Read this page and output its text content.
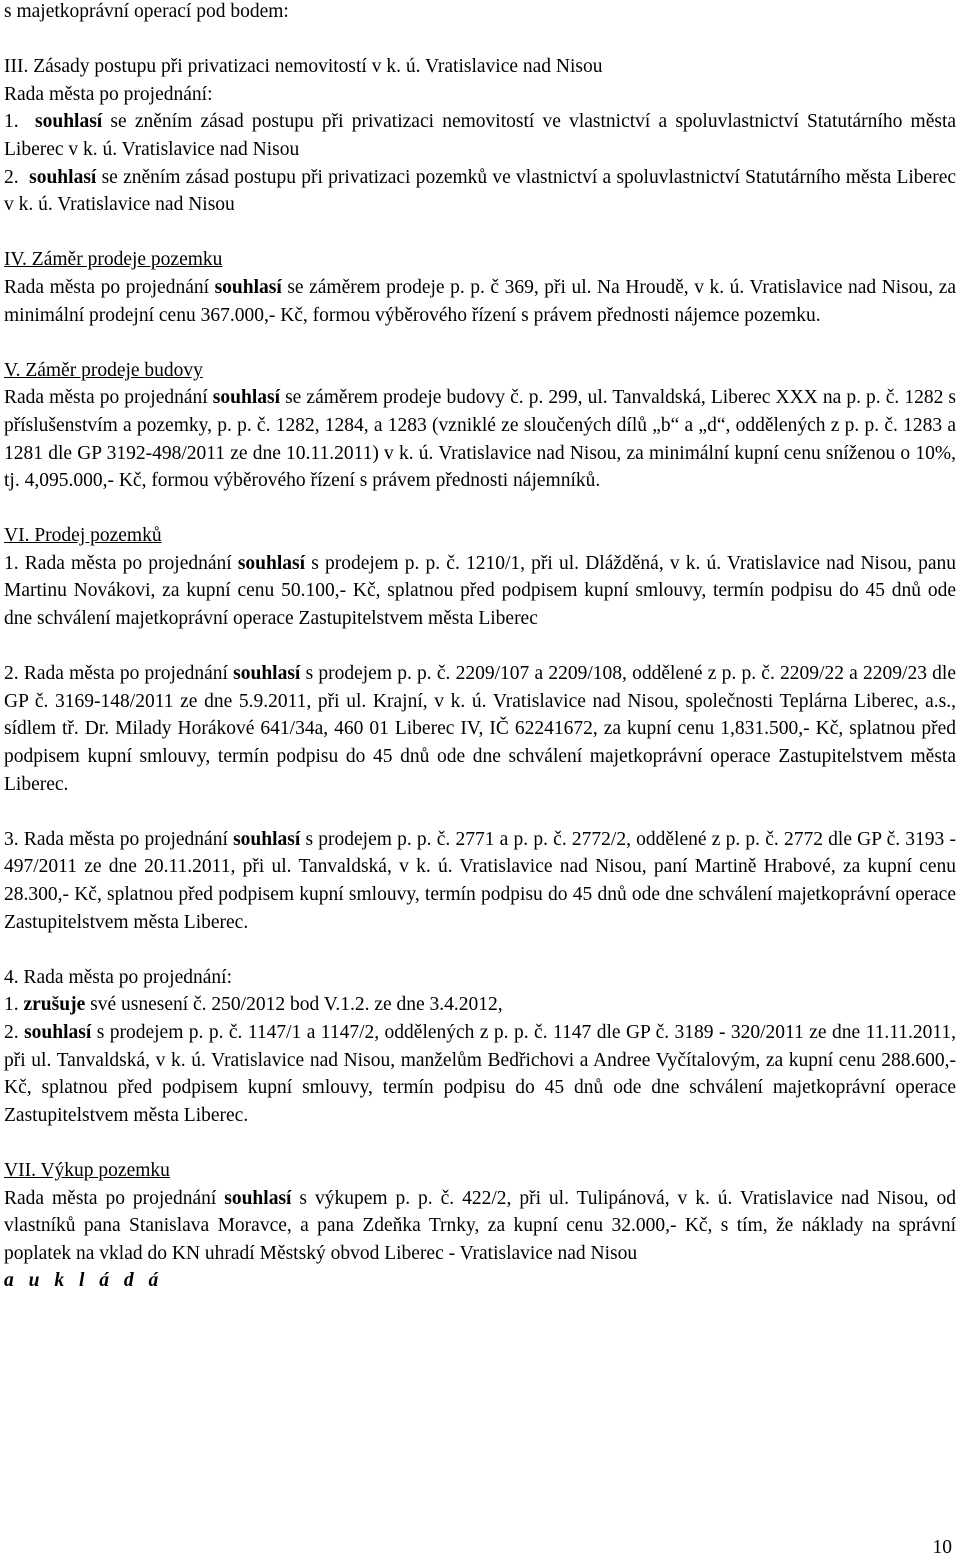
s majetkoprávní operací pod bodem:

III. Zásady postupu při privatizaci nemovitostí v k. ú. Vratislavice nad Nisou

Rada města po projednání:

1. souhlasí se zněním zásad postupu při privatizaci nemovitostí ve vlastnictví a spoluvlastnictví Statutárního města Liberec v k. ú. Vratislavice nad Nisou

2. souhlasí se zněním zásad postupu při privatizaci pozemků ve vlastnictví a spoluvlastnictví Statutárního města Liberec v k. ú. Vratislavice nad Nisou

IV. Záměr prodeje pozemku

Rada města po projednání souhlasí se záměrem prodeje p. p. č 369, při ul. Na Hroudě, v k. ú. Vratislavice nad Nisou, za minimální prodejní cenu 367.000,- Kč, formou výběrového řízení s právem přednosti nájemce pozemku.

V. Záměr prodeje budovy

Rada města po projednání souhlasí se záměrem prodeje budovy č. p. 299, ul. Tanvaldská, Liberec XXX na p. p. č. 1282 s příslušenstvím a pozemky, p. p. č. 1282, 1284, a 1283 (vzniklé ze sloučených dílů „b“ a „d“, oddělených z p. p. č. 1283 a 1281 dle GP 3192-498/2011 ze dne 10.11.2011) v k. ú. Vratislavice nad Nisou, za minimální kupní cenu sníženou o 10%, tj. 4,095.000,- Kč, formou výběrového řízení s právem přednosti nájemníků.

VI. Prodej pozemků

1. Rada města po projednání souhlasí s prodejem p. p. č. 1210/1, při ul. Dlážděná, v k. ú. Vratislavice nad Nisou, panu Martinu Novákovi, za kupní cenu 50.100,- Kč, splatnou před podpisem kupní smlouvy, termín podpisu do 45 dnů ode dne schválení majetkoprávní operace Zastupitelstvem města Liberec

2. Rada města po projednání souhlasí s prodejem p. p. č. 2209/107 a 2209/108, oddělené z p. p. č. 2209/22 a 2209/23 dle GP č. 3169-148/2011 ze dne 5.9.2011, při ul. Krajní, v k. ú. Vratislavice nad Nisou, společnosti Teplárna Liberec, a.s., sídlem tř. Dr. Milady Horákové 641/34a, 460 01 Liberec IV, IČ 62241672, za kupní cenu 1,831.500,- Kč, splatnou před podpisem kupní smlouvy, termín podpisu do 45 dnů ode dne schválení majetkoprávní operace Zastupitelstvem města Liberec.

3. Rada města po projednání souhlasí s prodejem p. p. č. 2771 a p. p. č. 2772/2, oddělené z p. p. č. 2772 dle GP č. 3193 - 497/2011 ze dne 20.11.2011, při ul. Tanvaldská, v k. ú. Vratislavice nad Nisou, paní Martině Hrabové, za kupní cenu 28.300,- Kč, splatnou před podpisem kupní smlouvy, termín podpisu do 45 dnů ode dne schválení majetkoprávní operace Zastupitelstvem města Liberec.

4. Rada města po projednání:

1. zrušuje své usnesení č. 250/2012 bod V.1.2. ze dne 3.4.2012,

2. souhlasí s prodejem p. p. č. 1147/1 a 1147/2, oddělených z p. p. č. 1147 dle GP č. 3189 - 320/2011 ze dne 11.11.2011, při ul. Tanvaldská, v k. ú. Vratislavice nad Nisou, manželům Bedřichovi a Andree Vyčítalovým, za kupní cenu 288.600,- Kč, splatnou před podpisem kupní smlouvy, termín podpisu do 45 dnů ode dne schválení majetkoprávní operace Zastupitelstvem města Liberec.

VII. Výkup pozemku

Rada města po projednání souhlasí s výkupem p. p. č. 422/2, při ul. Tulipánová, v k. ú. Vratislavice nad Nisou, od vlastníků pana Stanislava Moravce, a pana Zdeňka Trnky, za kupní cenu 32.000,- Kč, s tím, že náklady na správní poplatek na vklad do KN uhradí Městský obvod Liberec - Vratislavice nad Nisou

a u k l á d á

10
